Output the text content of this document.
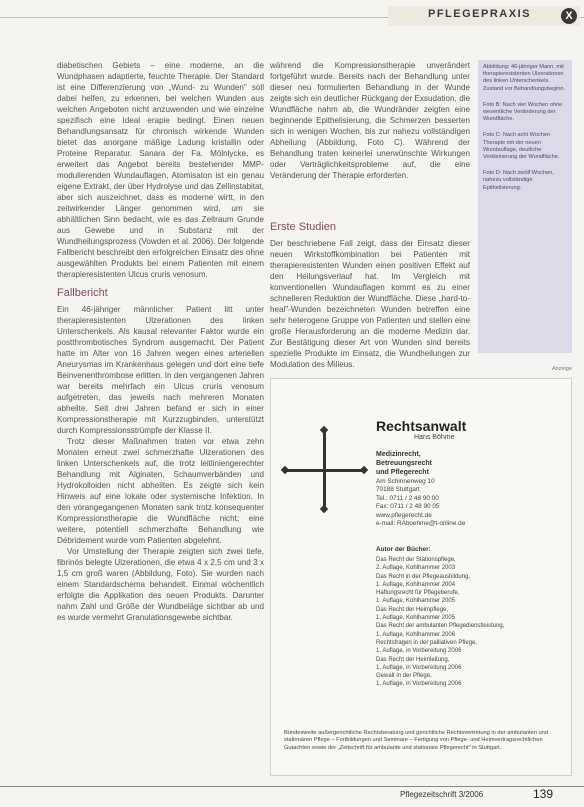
PFLEGEPRAXIS	X

diabetischen Gebiets – eine moderne, an die Wundphasen adaptierte, feuchte Therapie. Der Standard ist eine Differenzierung von „Wund- zu Wunden" soll dabei helfen, zu erkennen, bei welchen Wunden aus welchen Angeboten nicht anzuwenden und wie einzelne spezifisch eine Ideal erapie bedingt. Einen neuen Behandlungsansatz für chronisch wirkende Wunden bietet das anorgane mäßige Ladung kristallin oder Proteine Reparatur. Sanara der Fa. Mölnlycke, es erweitert das Angebot bereits bestehender MMP-modulierenden Wundauflagen, Atomisaton ist ein genau eigene Extrakt, der über Hydrolyse und das Zellinstabitat, aber sich auszeichnet, dass es moderne wirtt, in den zeitwirkender Länger genommen wird, um sie abhältlichen Sinn bedacht, wie es das Zeitraum Grunde aus Gewebe und in Substanz mit der Wundheilungsprozess (Vowden et al. 2006). Der folgende Fallbericht beschreibt den erfolgreichen Einsatz des ohne ausgewählten Produkts bei einem Patienten mit einem therapieresistenten Ulcus cruris venosum.

Fallbericht

Ein 46-jähriger männlicher Patient litt unter therapieresistenten Ulzerationen des linken Unterschenkels. Als kausal relevanter Faktor wurde ein postthrombotisches Syndrom ausgemacht. Der Patient hatte im Alter von 16 Jahren wegen eines arteriellen Aneurysmas im Krankenhaus gelegen und dort eine tiefe Beinvenenthrombose erlitten. In den vergangenen Jahren war bereits mehrfach ein Ulcus cruris venosum aufgetreten, das jeweils nach mehreren Monaten abheilte. Seit drei Jahren befand er sich in einer Kompressionstherapie mit Kurzzugbinden, unterstützt durch Kompressionsstrümpfe der Klasse II.

Trotz dieser Maßnahmen traten vor etwa zehn Monaten erneut zwei schmerzhafte Ulzerationen des linken Unterschenkels auf, die trotz leitliniengerechter Behandlung mit Alginaten, Schaumverbänden und Hydrokolloiden nicht abheilten. Es zeigte sich kein Hinweis auf eine lokale oder systemische Infektion. In den vorangegangenen Monaten sank trotz konsequenter Kompressionstherapie die Wundfläche nicht; eine weitere, potentiell schmerzhafte Behandlung wie Débridement wurde vom Patienten abgelehnt.

Vor Umstellung der Therapie zeigten sich zwei tiefe, fibrinös belegte Ulzerationen, die etwa 4 x 2,5 cm und 3 x 1,5 cm groß waren (Abbildung, Foto). Sie wurden nach einem Standardschema behandelt. Einmal wöchentlich erfolgte die Applikation des neuen Produkts. Darunter nahm Zahl und Größe der Wundbeläge sichtbar ab und es wurde vermehrt Granulationsgewebe sichtbar.

während die Kompressionstherapie unverändert fortgeführt wurde. Bereits nach der Behandlung unter dieser neu formulierten Behandlung in der Wunde zeigte sich ein deutlicher Rückgang der Exsudation, die Wundfläche nahm ab, die Wundränder zeigten eine beginnende Epithelisierung, die Schmerzen besserten sich in wenigen Wochen, bis zur nahezu vollständigen Abheilung (Abbildung, Foto C). Während der Behandlung traten keinerlei unerwünschte Wirkungen oder Verträglichkeitsprobleme auf, die eine Veränderung der Therapie erforderten.

Erste Studien

Der beschriebene Fall zeigt, dass der Einsatz dieser neuen Wirkstoffkombination bei Patienten mit therapieresistenten Wunden einen positiven Effekt auf den Heilungsverlauf hat. Im Vergleich mit konventionellen Wundauflagen kommt es zu einer schnelleren Reduktion der Wundfläche. Diese „hard-to-heal"-Wunden bezeichneten Wunden betreffen eine sehr heterogene Gruppe von Patienten und stellen eine große Herausforderung an die moderne Medizin dar. Zur Bestätigung dieser Art von Wunden sind bereits spezielle Produkte im Einsatz, die Wundheilungen zur Modulation des Milieus.

Abbildung: 46-jähriger Mann, mit therapieresistenten Ulzerationen des linken Unterschenkels. Zustand vor Behandlungsbeginn.
Foto B: Nach vier Wochen ohne wesentliche Veränderung der Wundfläche.
Foto C: Nach acht Wochen Therapie mit der neuen Wundauflage, deutliche Verkleinerung der Wundfläche.
Foto D: Nach zwölf Wochen, nahezu vollständige Epithelisierung.
Anzeige
Rechtsanwalt
Hans Böhme
Medizinrecht,
Betreuungsrecht
und Pflegerecht
Am Schinnenweg 10
70188 Stuttgart
Tel.: 0711 / 2 48 90 00
Fax: 0711 / 2 48 90 05
www.pflegerecht.de
e-mail: RAboehme@t-online.de
Autor der Bücher:
Das Recht der Stationspflege,
2. Auflage, Kohlhammer 2003
Das Recht in der Pflegeausbildung,
1. Auflage, Kohlhammer 2004
Haftungsrecht für Pflegeberufe,
1. Auflage, Kohlhammer 2005
Das Recht der Heimpflege,
1. Auflage, Kohlhammer 2005
Das Recht der ambulanten Pflegedienstleistung,
1. Auflage, Kohlhammer 2006
Rechtsfragen in der palliativen Pflege,
1. Auflage, in Vorbereitung 2006
Das Recht der Heimleitung,
1. Auflage, in Vorbereitung 2006
Gewalt in der Pflege,
1. Auflage, in Vorbereitung 2006
Bundesweite außergerichtliche Rechtsberatung und gerichtliche Rechtsvertretung in der ambulanten und stationären Pflege – Fortbildungen und Seminare – Fertigung von Pflege- und Heimvertragsrechtlichen Gutachten sowie der „Zeitschrift für ambulante und stationäre Pflegerecht" in Stuttgart.
Pflegezeitschrift 3/2006	139
